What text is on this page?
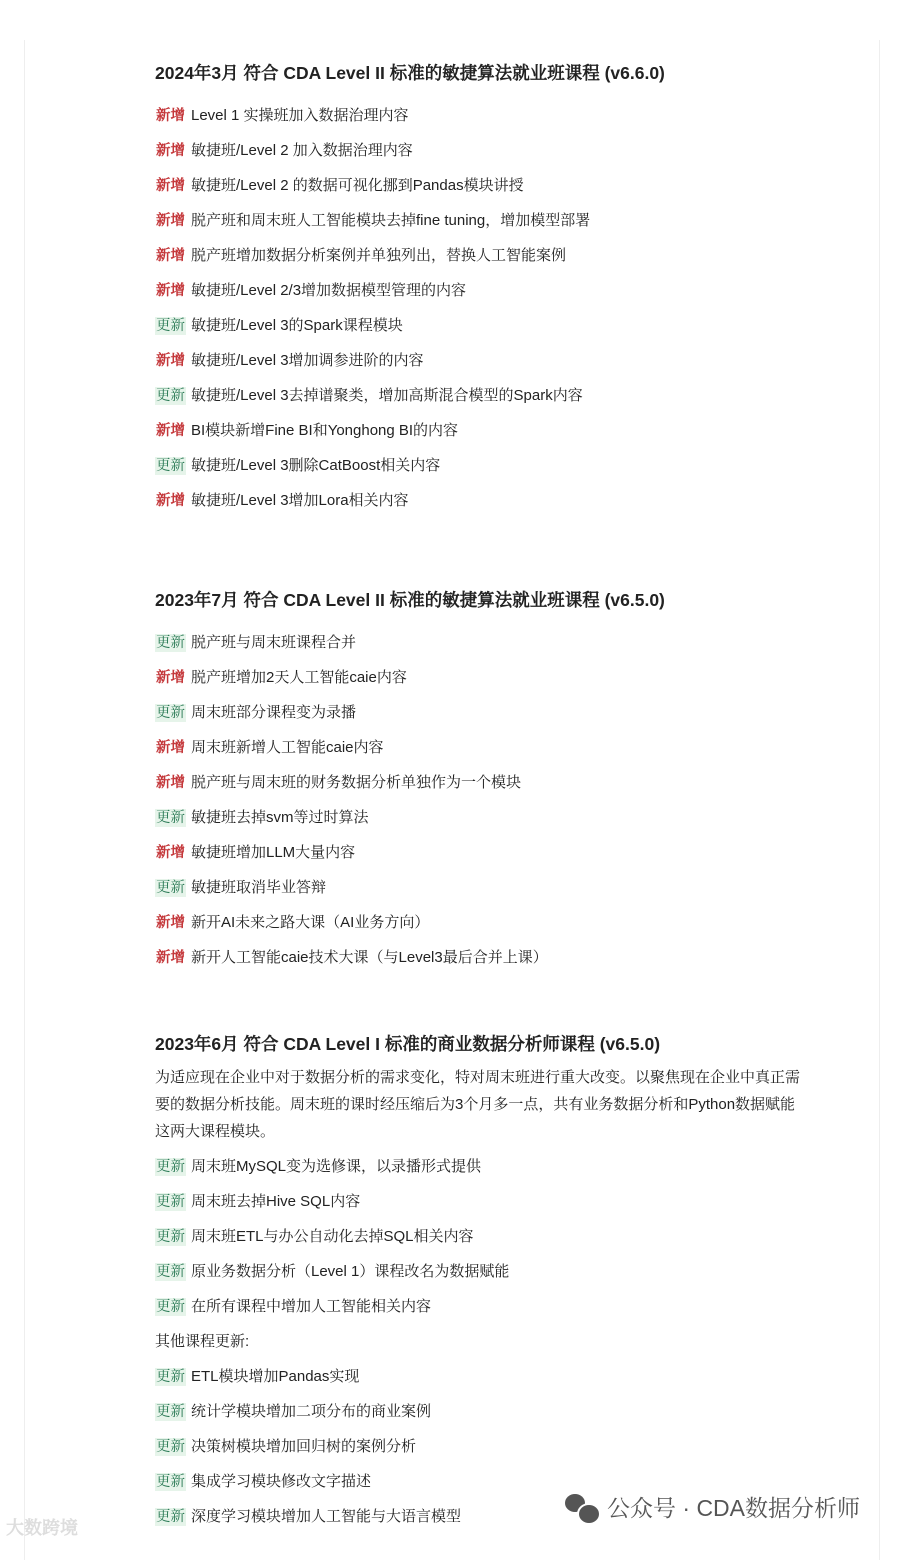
2024年3月 符合 CDA Level II 标准的敏捷算法就业班课程 (v6.6.0)
新增 Level 1 实操班加入数据治理内容
新增 敏捷班/Level 2 加入数据治理内容
新增 敏捷班/Level 2 的数据可视化挪到Pandas模块讲授
新增 脱产班和周末班人工智能模块去掉fine tuning，增加模型部署
新增 脱产班增加数据分析案例并单独列出，替换人工智能案例
新增 敏捷班/Level 2/3增加数据模型管理的内容
更新 敏捷班/Level 3的Spark课程模块
新增 敏捷班/Level 3增加调参进阶的内容
更新 敏捷班/Level 3去掉谱聚类，增加高斯混合模型的Spark内容
新增 BI模块新增Fine BI和Yonghong BI的内容
更新 敏捷班/Level 3删除CatBoost相关内容
新增 敏捷班/Level 3增加Lora相关内容
2023年7月 符合 CDA Level II 标准的敏捷算法就业班课程 (v6.5.0)
更新 脱产班与周末班课程合并
新增 脱产班增加2天人工智能caie内容
更新 周末班部分课程变为录播
新增 周末班新增人工智能caie内容
新增 脱产班与周末班的财务数据分析单独作为一个模块
更新 敏捷班去掉svm等过时算法
新增 敏捷班增加LLM大量内容
更新 敏捷班取消毕业答辩
新增 新开AI未来之路大课（AI业务方向）
新增 新开人工智能caie技术大课（与Level3最后合并上课）
2023年6月 符合 CDA Level I 标准的商业数据分析师课程 (v6.5.0)
为适应现在企业中对于数据分析的需求变化，特对周末班进行重大改变。以聚焦现在企业中真正需要的数据分析技能。周末班的课时经压缩后为3个月多一点，共有业务数据分析和Python数据赋能这两大课程模块。
更新 周末班MySQL变为选修课，以录播形式提供
更新 周末班去掉Hive SQL内容
更新 周末班ETL与办公自动化去掉SQL相关内容
更新 原业务数据分析（Level 1）课程改名为数据赋能
更新 在所有课程中增加人工智能相关内容
其他课程更新:
更新 ETL模块增加Pandas实现
更新 统计学模块增加二项分布的商业案例
更新 决策树模块增加回归树的案例分析
更新 集成学习模块修改文字描述
更新 深度学习模块增加人工智能与大语言模型	公众号 · CDA数据分析师
大数跨境
